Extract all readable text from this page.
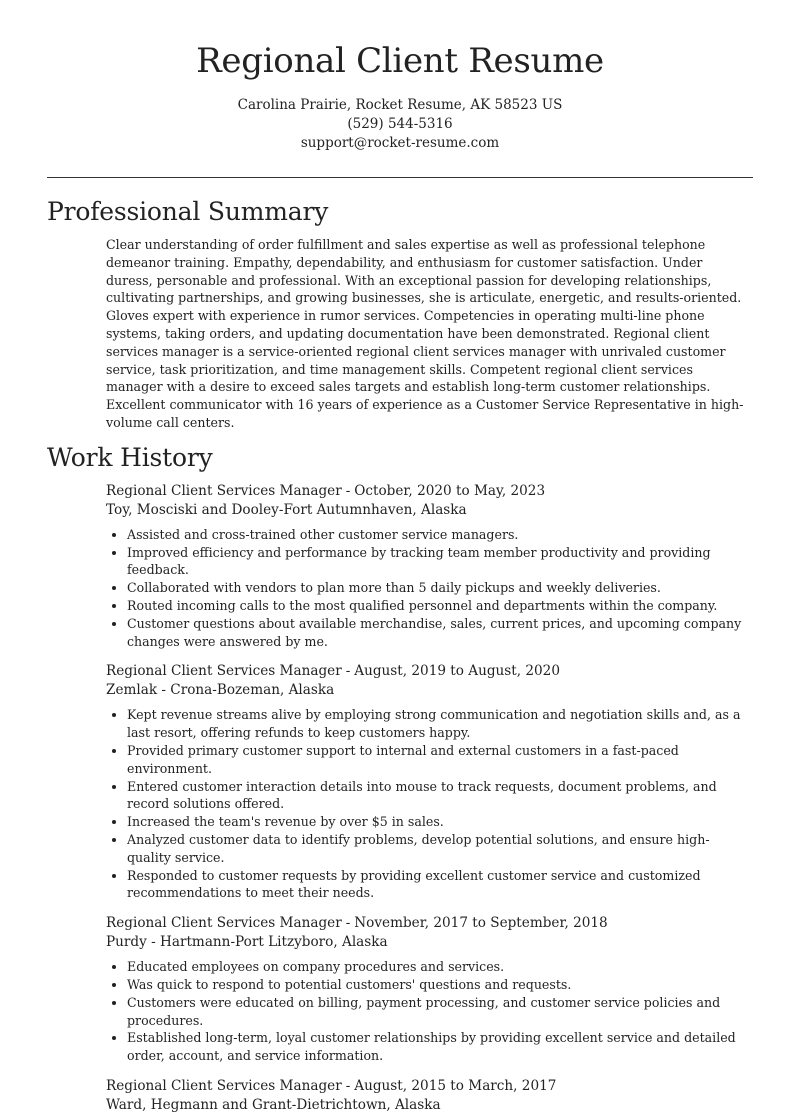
Regional Client Resume

Carolina Prairie, Rocket Resume, AK 58523 US

(529) 544-5316

support@rocket-resume.com

Professional Summary

Clear understanding of order fulfillment and sales expertise as well as professional telephone demeanor training. Empathy, dependability, and enthusiasm for customer satisfaction. Under duress, personable and professional. With an exceptional passion for developing relationships, cultivating partnerships, and growing businesses, she is articulate, energetic, and results-oriented. Gloves expert with experience in rumor services. Competencies in operating multi-line phone systems, taking orders, and updating documentation have been demonstrated. Regional client services manager is a service-oriented regional client services manager with unrivaled customer service, task prioritization, and time management skills. Competent regional client services manager with a desire to exceed sales targets and establish long-term customer relationships. Excellent communicator with 16 years of experience as a Customer Service Representative in high-volume call centers.

Work History

Regional Client Services Manager - October, 2020 to May, 2023

Toy, Mosciski and Dooley-Fort Autumnhaven, Alaska

• Assisted and cross-trained other customer service managers.
• Improved efficiency and performance by tracking team member productivity and providing feedback.
• Collaborated with vendors to plan more than 5 daily pickups and weekly deliveries.
• Routed incoming calls to the most qualified personnel and departments within the company.
• Customer questions about available merchandise, sales, current prices, and upcoming company changes were answered by me.

Regional Client Services Manager - August, 2019 to August, 2020

Zemlak - Crona-Bozeman, Alaska

• Kept revenue streams alive by employing strong communication and negotiation skills and, as a last resort, offering refunds to keep customers happy.
• Provided primary customer support to internal and external customers in a fast-paced environment.
• Entered customer interaction details into mouse to track requests, document problems, and record solutions offered.
• Increased the team's revenue by over $5 in sales.
• Analyzed customer data to identify problems, develop potential solutions, and ensure high-quality service.
• Responded to customer requests by providing excellent customer service and customized recommendations to meet their needs.

Regional Client Services Manager - November, 2017 to September, 2018

Purdy - Hartmann-Port Litzyboro, Alaska

• Educated employees on company procedures and services.
• Was quick to respond to potential customers' questions and requests.
• Customers were educated on billing, payment processing, and customer service policies and procedures.
• Established long-term, loyal customer relationships by providing excellent service and detailed order, account, and service information.

Regional Client Services Manager - August, 2015 to March, 2017

Ward, Hegmann and Grant-Dietrichtown, Alaska
